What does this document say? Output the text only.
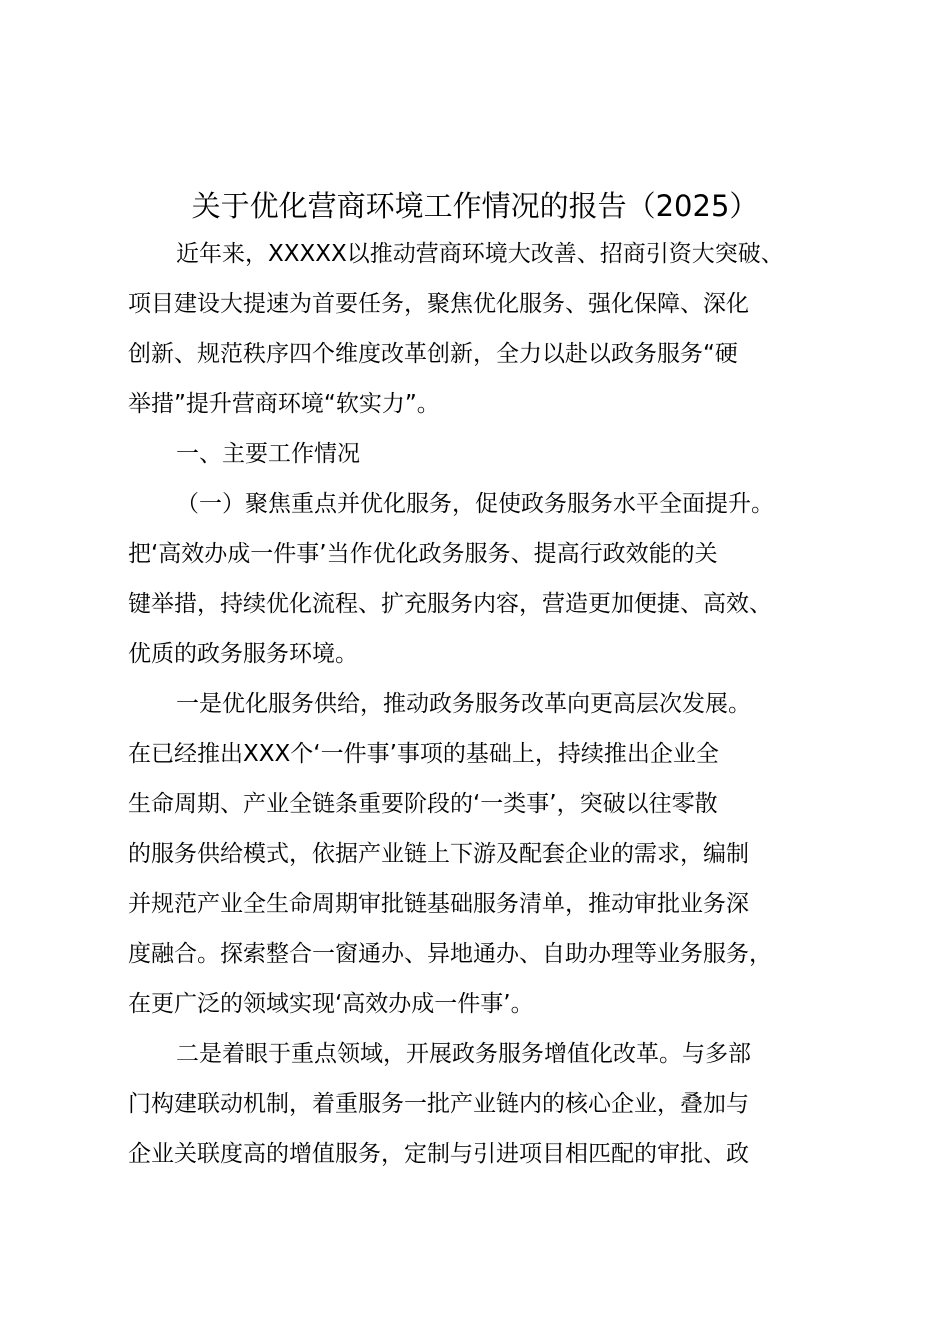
关于优化营商环境工作情况的报告（2025）
近年来，XXXXX以推动营商环境大改善、招商引资大突破、
项目建设大提速为首要任务，聚焦优化服务、强化保障、深化
创新、规范秩序四个维度改革创新，全力以赴以政务服务“硬
举措”提升营商环境“软实力”。
一、主要工作情况
（一）聚焦重点并优化服务，促使政务服务水平全面提升。
把‘高效办成一件事’当作优化政务服务、提高行政效能的关
键举措，持续优化流程、扩充服务内容，营造更加便捷、高效、
优质的政务服务环境。
一是优化服务供给，推动政务服务改革向更高层次发展。
在已经推出XXX个‘一件事’事项的基础上，持续推出企业全
生命周期、产业全链条重要阶段的‘一类事’，突破以往零散
的服务供给模式，依据产业链上下游及配套企业的需求，编制
并规范产业全生命周期审批链基础服务清单，推动审批业务深
度融合。探索整合一窗通办、异地通办、自助办理等业务服务，
在更广泛的领域实现‘高效办成一件事’。
二是着眼于重点领域，开展政务服务增值化改革。与多部
门构建联动机制，着重服务一批产业链内的核心企业，叠加与
企业关联度高的增值服务，定制与引进项目相匹配的审批、政
